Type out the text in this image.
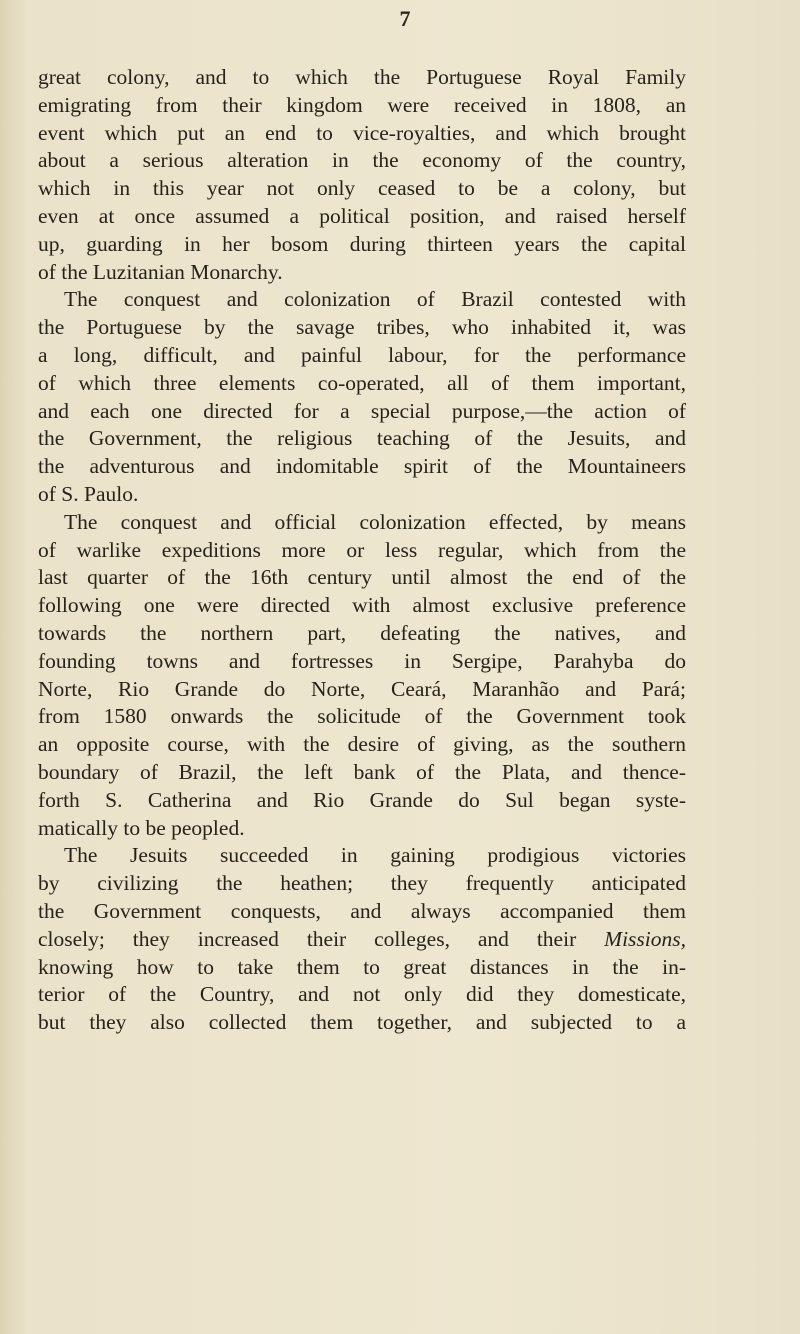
7
great colony, and to which the Portuguese Royal Family
emigrating from their kingdom were received in 1808, an
event which put an end to vice-royalties, and which brought
about a serious alteration in the economy of the country,
which in this year not only ceased to be a colony, but
even at once assumed a political position, and raised herself
up, guarding in her bosom during thirteen years the capital
of the Luzitanian Monarchy.
The conquest and colonization of Brazil contested with
the Portuguese by the savage tribes, who inhabited it, was
a long, difficult, and painful labour, for the performance
of which three elements co-operated, all of them important,
and each one directed for a special purpose,—the action of
the Government, the religious teaching of the Jesuits, and
the adventurous and indomitable spirit of the Mountaineers
of S. Paulo.
The conquest and official colonization effected, by means
of warlike expeditions more or less regular, which from the
last quarter of the 16th century until almost the end of the
following one were directed with almost exclusive preference
towards the northern part, defeating the natives, and
founding towns and fortresses in Sergipe, Parahyba do
Norte, Rio Grande do Norte, Ceará, Maranhão and Pará;
from 1580 onwards the solicitude of the Government took
an opposite course, with the desire of giving, as the southern
boundary of Brazil, the left bank of the Plata, and thence-
forth S. Catherina and Rio Grande do Sul began syste-
matically to be peopled.
The Jesuits succeeded in gaining prodigious victories
by civilizing the heathen; they frequently anticipated
the Government conquests, and always accompanied them
closely; they increased their colleges, and their Missions,
knowing how to take them to great distances in the in-
terior of the Country, and not only did they domesticate,
but they also collected them together, and subjected to a
